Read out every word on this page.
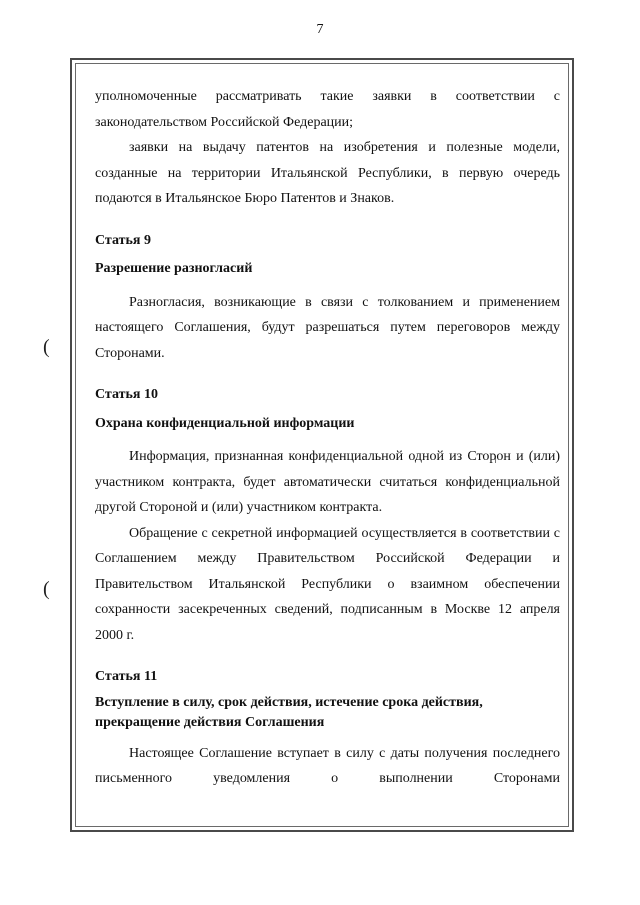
7
(
(

уполномоченные рассматривать такие заявки в соответствии с

законодательством Российской Федерации;

заявки на выдачу патентов на изобретения и полезные модели, созданные на территории Итальянской Республики, в первую очередь подаются в Итальянское Бюро Патентов и Знаков.

Статья 9

Разрешение разногласий

Разногласия, возникающие в связи с толкованием и применением настоящего Соглашения, будут разрешаться путем переговоров между Сторонами.

Статья 10

Охрана конфиденциальной информации

Информация, признанная конфиденциальной одной из Сторон и (или) участником контракта, будет автоматически считаться конфиденциальной другой Стороной и (или) участником контракта.

Обращение с секретной информацией осуществляется в соответствии с Соглашением между Правительством Российской Федерации и Правительством Итальянской Республики о взаимном обеспечении сохранности засекреченных сведений, подписанным в Москве 12 апреля 2000 г.

Статья 11

Вступление в силу, срок действия, истечение срока действия,

прекращение действия Соглашения

Настоящее Соглашение вступает в силу с даты получения последнего письменного уведомления о выполнении Сторонами
